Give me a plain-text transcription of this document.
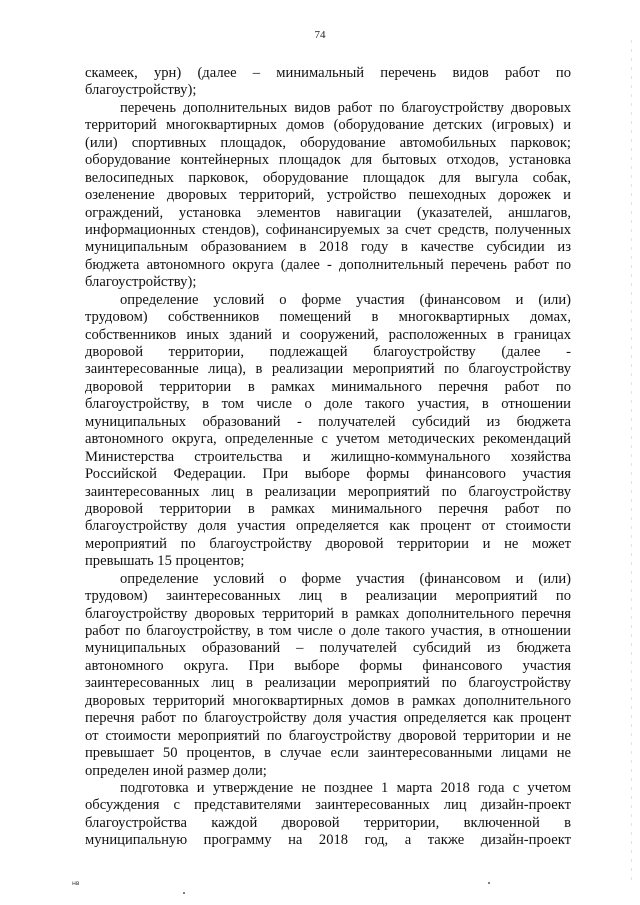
74
скамеек, урн) (далее – минимальный перечень видов работ по
благоустройству);
перечень дополнительных видов работ по благоустройству дворовых
территорий многоквартирных домов (оборудование детских (игровых) и
(или) спортивных площадок, оборудование автомобильных парковок;
оборудование контейнерных площадок для бытовых отходов, установка
велосипедных парковок, оборудование площадок для выгула собак,
озеленение дворовых территорий, устройство пешеходных дорожек и
ограждений, установка элементов навигации (указателей, аншлагов,
информационных стендов), софинансируемых за счет средств, полученных
муниципальным образованием в 2018 году в качестве субсидии из
бюджета автономного округа (далее - дополнительный перечень работ по
благоустройству);
определение условий о форме участия (финансовом и (или)
трудовом) собственников помещений в многоквартирных домах,
собственников иных зданий и сооружений, расположенных в границах
дворовой территории, подлежащей благоустройству (далее -
заинтересованные лица), в реализации мероприятий по благоустройству
дворовой территории в рамках минимального перечня работ по
благоустройству, в том числе о доле такого участия, в отношении
муниципальных образований - получателей субсидий из бюджета
автономного округа, определенные с учетом методических рекомендаций
Министерства строительства и жилищно-коммунального хозяйства
Российской Федерации. При выборе формы финансового участия
заинтересованных лиц в реализации мероприятий по благоустройству
дворовой территории в рамках минимального перечня работ по
благоустройству доля участия определяется как процент от стоимости
мероприятий по благоустройству дворовой территории и не может
превышать 15 процентов;
определение условий о форме участия (финансовом и (или)
трудовом) заинтересованных лиц в реализации мероприятий по
благоустройству дворовых территорий в рамках дополнительного перечня
работ по благоустройству, в том числе о доле такого участия, в отношении
муниципальных образований – получателей субсидий из бюджета
автономного округа. При выборе формы финансового участия
заинтересованных лиц в реализации мероприятий по благоустройству
дворовых территорий многоквартирных домов в рамках дополнительного
перечня работ по благоустройству доля участия определяется как процент
от стоимости мероприятий по благоустройству дворовой территории и не
превышает 50 процентов, в случае если заинтересованными лицами не
определен иной размер доли;
подготовка и утверждение не позднее 1 марта 2018 года с учетом
обсуждения с представителями заинтересованных лиц дизайн-проект
благоустройства каждой дворовой территории, включенной в
муниципальную программу на 2018 год, а также дизайн-проект
нв
